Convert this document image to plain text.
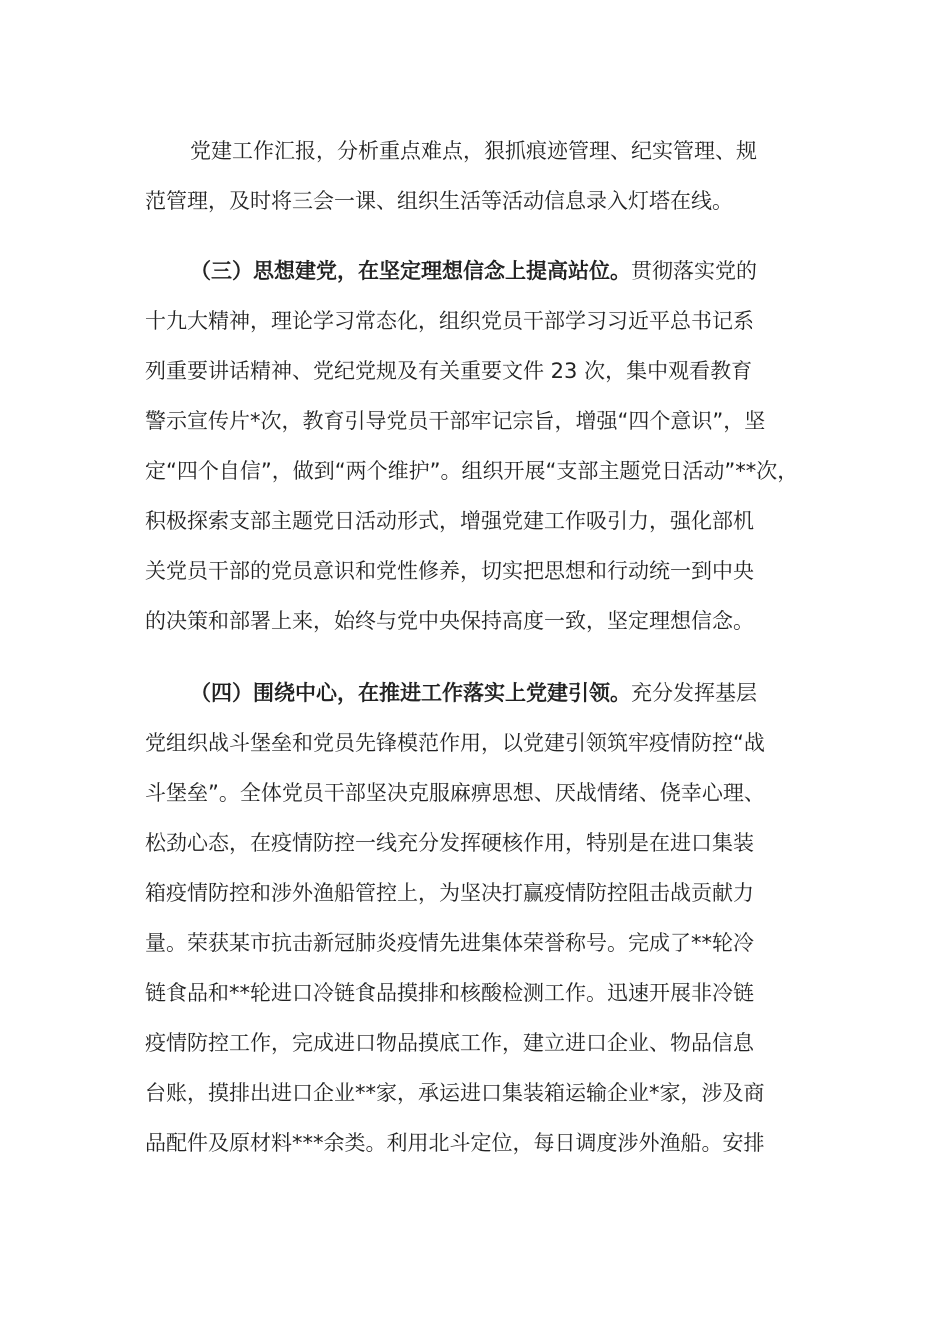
党建工作汇报，分析重点难点，狠抓痕迹管理、纪实管理、规
范管理，及时将三会一课、组织生活等活动信息录入灯塔在线。
（三）思想建党，在坚定理想信念上提高站位。贯彻落实党的
十九大精神，理论学习常态化，组织党员干部学习习近平总书记系
列重要讲话精神、党纪党规及有关重要文件 23 次，集中观看教育
警示宣传片*次，教育引导党员干部牢记宗旨，增强“四个意识”，坚
定“四个自信”，做到“两个维护”。组织开展“支部主题党日活动”**次，
积极探索支部主题党日活动形式，增强党建工作吸引力，强化部机
关党员干部的党员意识和党性修养，切实把思想和行动统一到中央
的决策和部署上来，始终与党中央保持高度一致，坚定理想信念。
（四）围绕中心，在推进工作落实上党建引领。充分发挥基层
党组织战斗堡垒和党员先锋模范作用，以党建引领筑牢疫情防控“战
斗堡垒”。全体党员干部坚决克服麻痹思想、厌战情绪、侥幸心理、
松劲心态，在疫情防控一线充分发挥硬核作用，特别是在进口集装
箱疫情防控和涉外渔船管控上，为坚决打赢疫情防控阻击战贡献力
量。荣获某市抗击新冠肺炎疫情先进集体荣誉称号。完成了**轮冷
链食品和**轮进口冷链食品摸排和核酸检测工作。迅速开展非冷链
疫情防控工作，完成进口物品摸底工作，建立进口企业、物品信息
台账，摸排出进口企业**家，承运进口集装箱运输企业*家，涉及商
品配件及原材料***余类。利用北斗定位，每日调度涉外渔船。安排
